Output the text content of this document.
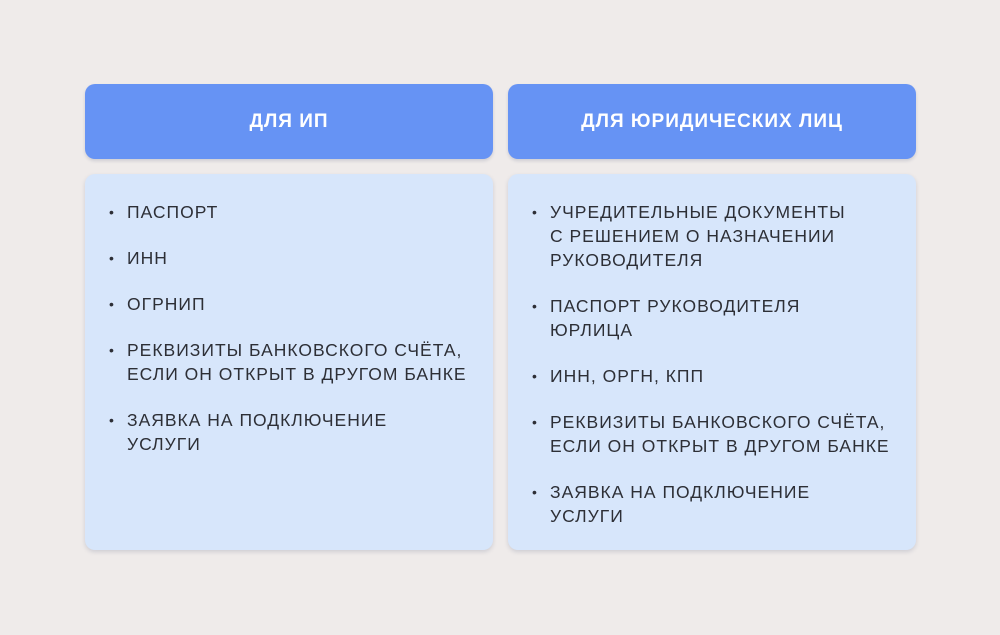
ДЛЯ ИП
• ПАСПОРТ
• ИНН
• ОГРНИП
• РЕКВИЗИТЫ БАНКОВСКОГО СЧЁТА,
ЕСЛИ ОН ОТКРЫТ В ДРУГОМ БАНКЕ
• ЗАЯВКА НА ПОДКЛЮЧЕНИЕ
УСЛУГИ
ДЛЯ ЮРИДИЧЕСКИХ ЛИЦ
• УЧРЕДИТЕЛЬНЫЕ ДОКУМЕНТЫ
С РЕШЕНИЕМ О НАЗНАЧЕНИИ
РУКОВОДИТЕЛЯ
• ПАСПОРТ РУКОВОДИТЕЛЯ
ЮРЛИЦА
• ИНН, ОРГН, КПП
• РЕКВИЗИТЫ БАНКОВСКОГО СЧЁТА,
ЕСЛИ ОН ОТКРЫТ В ДРУГОМ БАНКЕ
• ЗАЯВКА НА ПОДКЛЮЧЕНИЕ
УСЛУГИ
